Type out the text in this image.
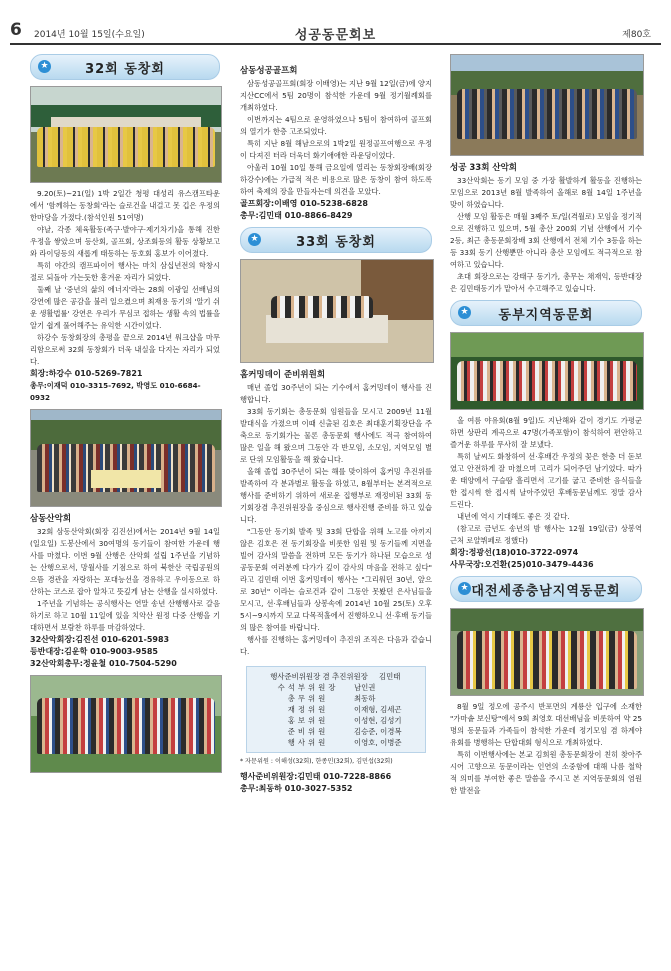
6 2014년 10월 15일(수요일)	성공동문회보	제80호
★	32회 동창회

9.20(토)~21(일) 1박 2일간 청평 대성리 유스캠프타운에서 '함께하는 동창회'라는 슬로건을 내걸고 못 깁은 우정의 한마당을 가졌다.(참석인원 51여명)

야날, 각종 체육활동(족구·발야구·제기차기)을 통해 진한 우정을 쌓았으며 등산회, 골프회, 상조회등의 활동 상황보고와 라이딩등의 새롭게 태동하는 동호회 홍보가 이어졌다.

특히 야간의 캠프파이어 행사는 마치 삼십년전의 학창시절로 되돌아 가는듯한 흥겨운 자리가 되었다.

둘째 날 '중년의 삶의 에너지'라는 28회 이광일 선배님의 강연에 많은 공감을 불러 일으켰으며 최재용 동기의 '알기 쉬운 생활법률' 강연은 우리가 무심코 접하는 생활 속의 법률을 알기 쉽게 풀어해주는 유익한 시간이었다.

하강수 동창회장의 총평을 끝으로 2014년 워크샵을 마무리함으로써 32회 동창회가 더욱 내실을 다지는 자리가 되었다.

회장:하강수 010-5269-7821
총무:이재덕 010-3315-7692, 박영도 010-6684-0932
삼동산악회

32회 삼동산악회(회장 김진선)에서는 2014년 9월 14일(일요일) 도봉산에서 30여명의 동기들이 참여한 가운데 행사를 마쳤다. 이번 9월 산행은 산악회 설립 1주년을 기념하는 산행으로서, 망월사를 기점으로 하여 북한산 국립공원의 으뜸 경관을 자랑하는 포대능선을 경유하고 우이동으로 하산하는 코스로 잡아 알차고 뜻깊게 남는 산행을 실시하였다.

1주년을 기념하는 공식행사는 연말 송년 산행행사로 갈음하기로 하고 10월 11일에 있을 치악산 원정 다중 산행을 기대하면서 보람찬 하루를 마감하였다.

32산악회장:김진선 010-6201-5983
등반대장:김운학 010-9003-9585
32산악회총무:정윤철 010-7504-5290
삼동성공골프회

삼동성공골프회(회장 이배영)는 지난 9월 12일(금)에 양지 지산CC에서 5팀 20명이 참석한 가운데 9월 정기월례회를 개최하였다.

이번까지는 4팀으로 운영하였으나 5팀이 참여하여 골프회의 열기가 한층 고조되었다.

특히 지난 8월 해남으로의 1박2일 원정골프여행으로 우정이 다져진 터라 더욱더 화기애애한 라운딩이었다.

아울러 10월 10일 통해 금요일에 열리는 동창회장배(회장 하강수)에는 가급적 적은 비용으로 많은 동창이 참여 하도록 하여 축제의 장을 만들자는데 의견을 모았다.

골프회장:이배영 010-5238-6828
총무:김민태 010-8866-8429
★	33회 동창회
홈커밍데이 준비위원회

매년 졸업 30주년이 되는 기수에서 홈커밍데이 행사를 진행합니다.

33회 동기회는 총동문회 임원들을 모시고 2009년 11월 발대식을 가졌으며 이때 신출된 김호은 최대훈기획장단을 주축으로 동기회가는 물론 총동문회 행사에도 적극 참여하여 많은 일을 해 왔으며 그동안 각 반모임, 소모임, 지역모임 별로 단위 모임활동을 해 왔습니다.

올해 졸업 30주년이 되는 해를 맞이하여 홈커밍 추진위를 발족하여 각 분과별로 활동을 하였고, 8월부터는 본격적으로 행사를 준비하기 위하여 새로운 집행부로 재정비된 33회 동기회장겸 추진위원장을 중심으로 행사진행 준비를 하고 있습니다.

"그동안 동기회 발족 및 33회 단합을 위해 노고를 아끼지 않은 김호은 전 동기회장을 비롯한 임원 및 동기들께 지면을 빌어 감사의 말씀을 전하며 모든 동기가 하나된 모습으로 성공동문회 여러분께 다가가 깊이 감사의 마음을 전하고 싶다" 라고 김민태 이번 홈커밍데이 행사는 "그리워던 30년, 앞으로 30년" 이라는 슬로건과 같이 그동안 못봤던 은사님들을 모시고, 선·후배님들과 상봉속에 2014년 10월 25(토) 오후 5시~9시까지 모교 다목적홀에서 진행하오니 선·후배 동기들의 많은 참여를 바랍니다.

행사를 진행하는 홈커밍데이 추진위 조직은 다음과 같습니다.

행사준비위원장 겸 추진위원장	김민태
수석부위원장	남인권
총무위원	최동하
재정위원	이재형, 김세곤
홍보위원	이성현, 김성기
준비위원	김승준, 이경복
행사위원	이영호, 이병준
* 자문위원 : 이해성(32회), 한종민(32회), 김민섭(32회)
행사준비위원장:김민태 010-7228-8866
총무:최동하 010-3027-5352
성공 33회 산악회

33산악회는 동기 모임 중 가장 활발하게 활동을 진행하는 모임으로 2013년 8월 발족하여 올해로 8월 14일 1주년을 맞이 하였습니다.

산행 모임 활동은 매월 3째주 토/일(격월로) 모임을 정기적으로 진행하고 있으며, 5월 총산 200회 기념 산행에서 기수 2등, 최근 총동문회장배 3회 산행에서 전체 기수 3등을 하는 등 33회 동기 산행뿐만 아니라 총산 모임에도 적극적으로 참여하고 있습니다.

초대 회장으로는 강태구 동기가, 총무는 채재익, 등반대장은 김민태동기가 맡아서 수고해주고 있습니다.

★ 동부지역동문회

올 여름 야유회(8월 9일)도 지난해와 같이 경기도 가평군 하면 상판리 계곡으로 47명(가족포함)이 참석하여 편안하고 즐거운 하루를 무사히 잘 보냈다.

특히 날씨도 화창하여 선·후배간 우정의 꽃은 한층 더 돋보였고 안전하게 잘 마쳤으며 고리가 되어주던 남기었다. 따가운 태양에서 구슬땀 흘리면서 고기를 굽고 준비한 음식들을 한 접시씩 한 접시씩 날아주었던 후배동문님께도 정말 감사드린다.

내년에 역시 기대해도 좋은 것 같다.

(참고로 금년도 송년의 밤 행사는 12월 19일(금) 상봉역 근처 로얄뷔페로 정했다)

회장:정광선(18)010-3722-0974
사무국장:오건환(25)010-3479-4436
★ 대전세종충남지역동문회

8월 9일 정오에 공주시 반포면의 계룡산 입구에 소재한 "가마솥 보신탕"에서 9회 최영호 대선배님을 비롯하여 약 25명의 동문들과 가족들이 참석한 가운데 정기모임 겸 하계야유회를 병행하는 단합대회 형식으로 개최하였다.

특히 이번행사에는 본교 김희원 총동문회장이 친히 찾아주시어 고향으로 동문이라는 인연의 소중함에 대해 나름 철학적 의미를 부여한 좋은 말씀을 주시고 본 지역동문회의 염원한 발전을
